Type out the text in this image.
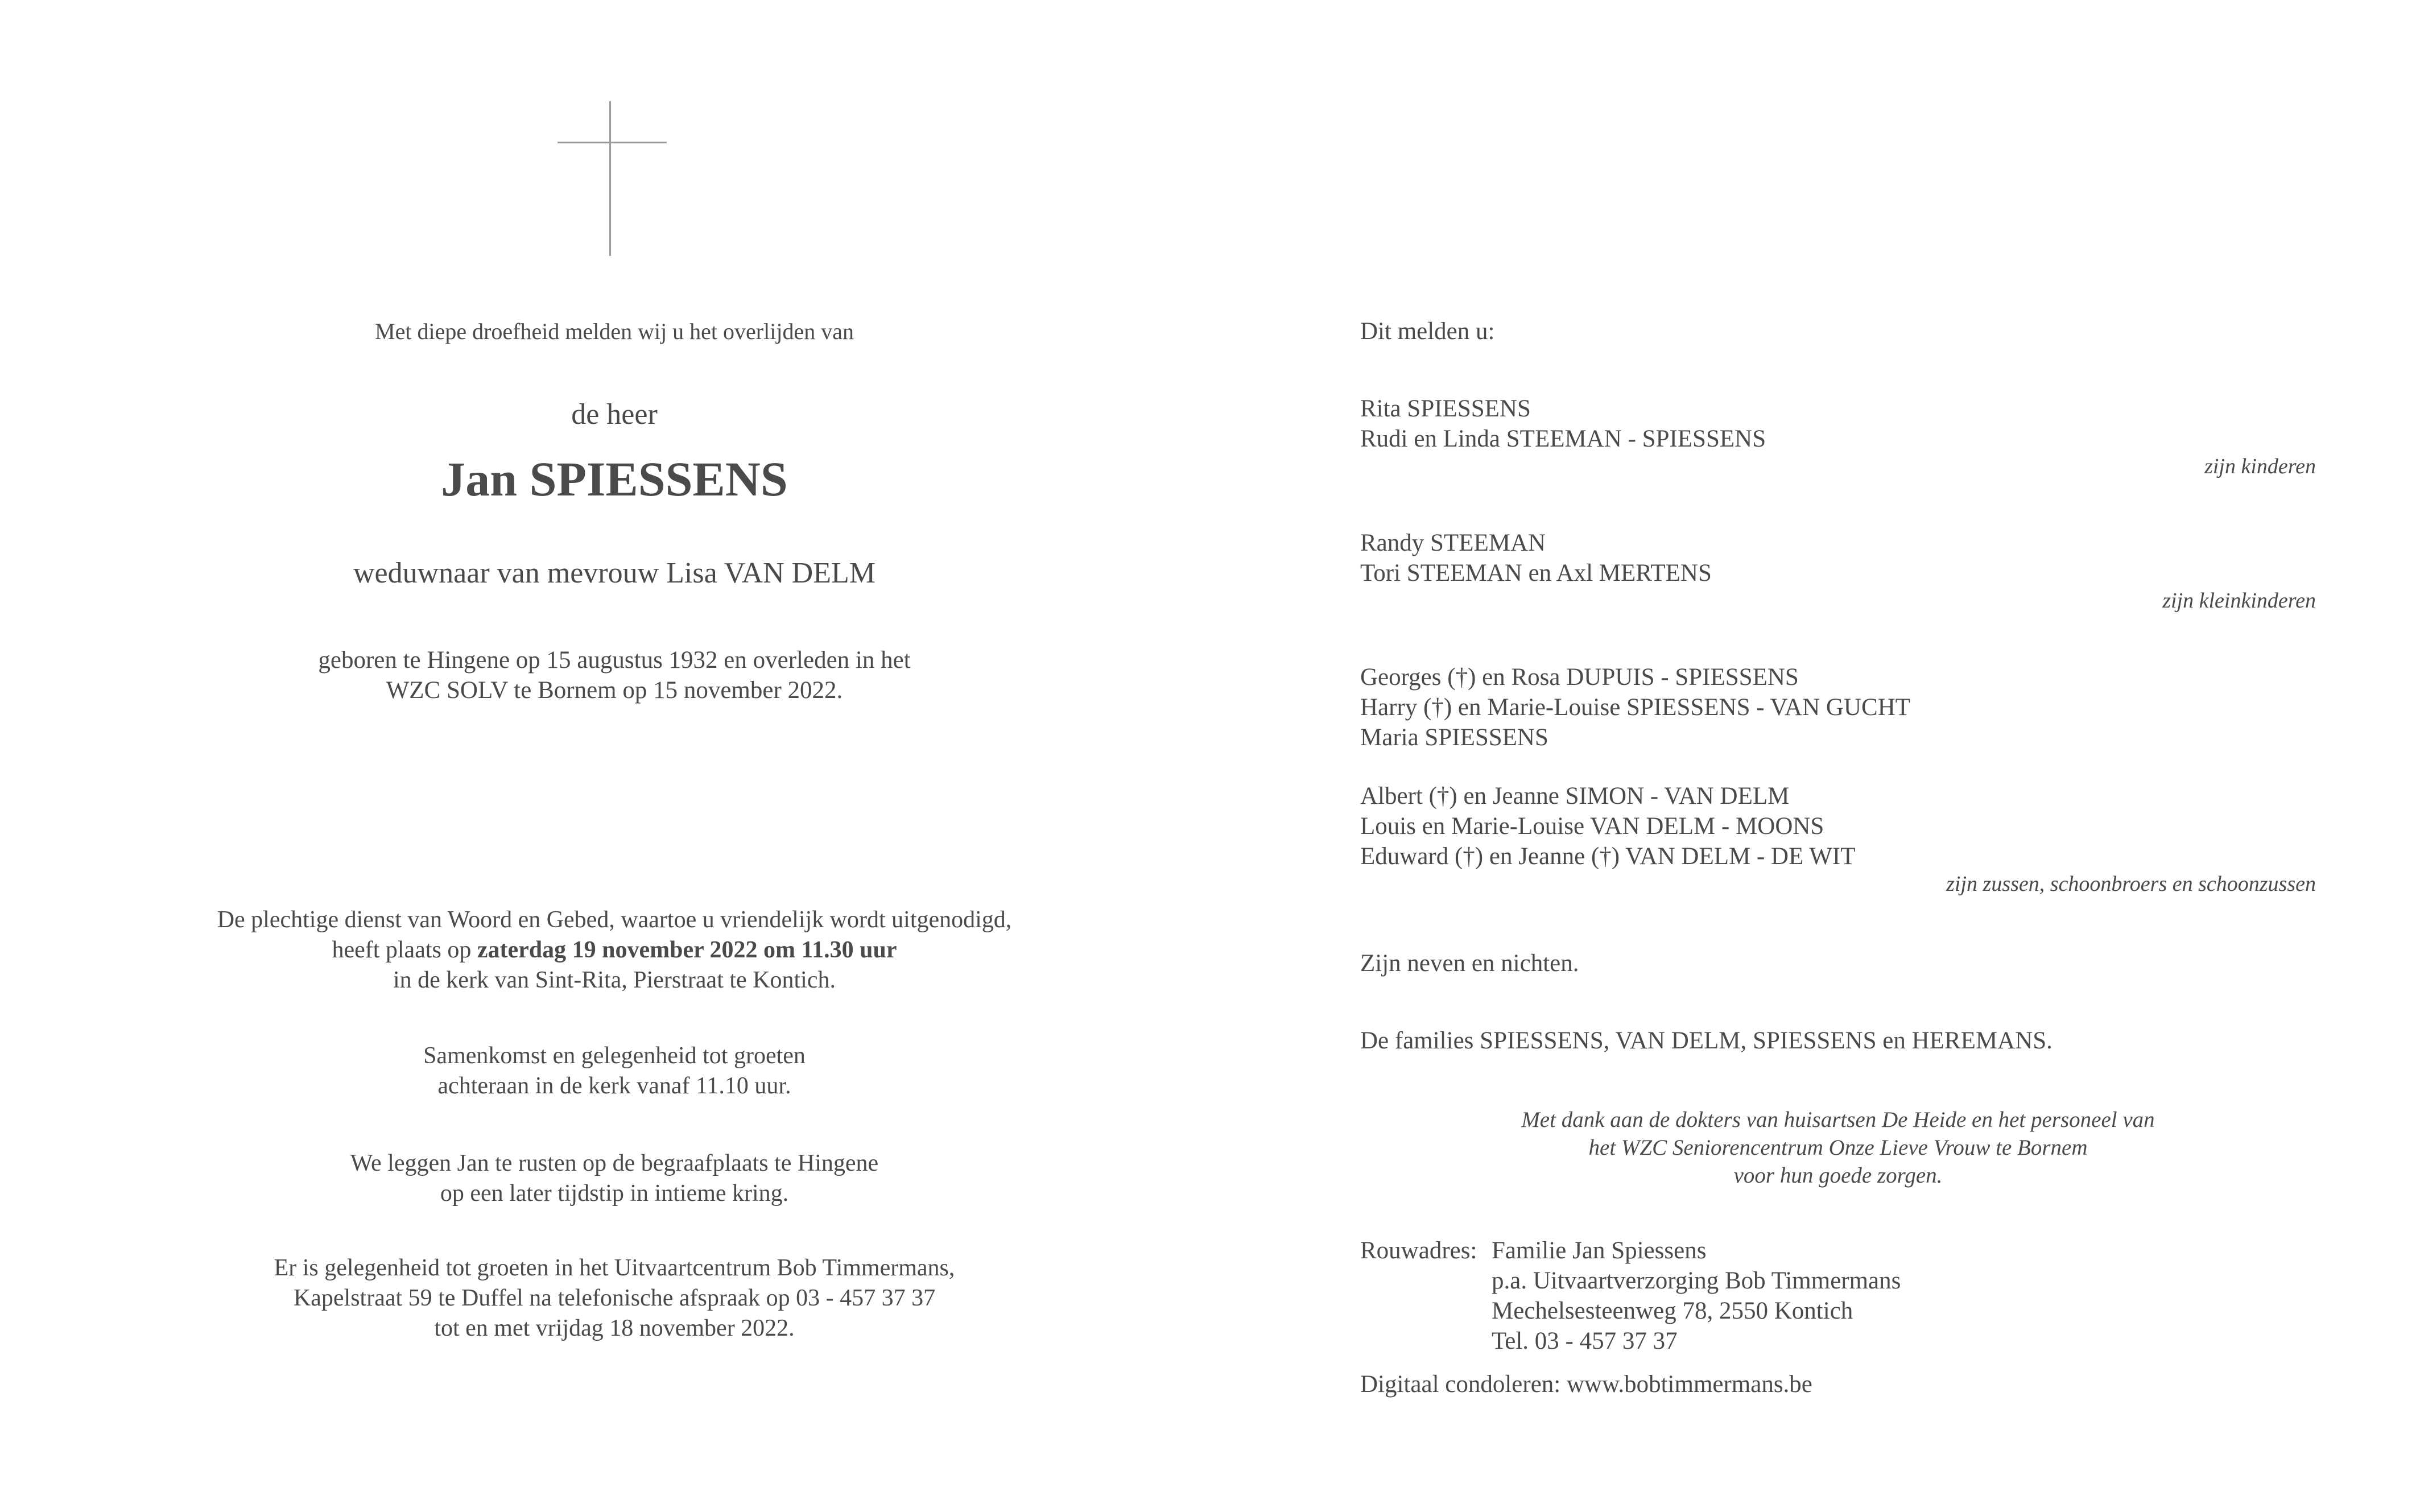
Met diepe droefheid melden wij u het overlijden van
de heer
Jan SPIESSENS
weduwnaar van mevrouw Lisa VAN DELM
geboren te Hingene op 15 augustus 1932 en overleden in het
WZC SOLV te Bornem op 15 november 2022.
De plechtige dienst van Woord en Gebed, waartoe u vriendelijk wordt uitgenodigd,
heeft plaats op zaterdag 19 november 2022 om 11.30 uur
in de kerk van Sint-Rita, Pierstraat te Kontich.
Samenkomst en gelegenheid tot groeten
achteraan in de kerk vanaf 11.10 uur.
We leggen Jan te rusten op de begraafplaats te Hingene
op een later tijdstip in intieme kring.
Er is gelegenheid tot groeten in het Uitvaartcentrum Bob Timmermans,
Kapelstraat 59 te Duffel na telefonische afspraak op 03 - 457 37 37
tot en met vrijdag 18 november 2022.
Dit melden u:
Rita SPIESSENS
Rudi en Linda STEEMAN - SPIESSENS
zijn kinderen
Randy STEEMAN
Tori STEEMAN en Axl MERTENS
zijn kleinkinderen
Georges (†) en Rosa DUPUIS - SPIESSENS
Harry (†) en Marie-Louise SPIESSENS - VAN GUCHT
Maria SPIESSENS
Albert (†) en Jeanne SIMON - VAN DELM
Louis en Marie-Louise VAN DELM - MOONS
Eduward (†) en Jeanne (†) VAN DELM - DE WIT
zijn zussen, schoonbroers en schoonzussen
Zijn neven en nichten.
De families SPIESSENS, VAN DELM, SPIESSENS en HEREMANS.
Met dank aan de dokters van huisartsen De Heide en het personeel van
het WZC Seniorencentrum Onze Lieve Vrouw te Bornem
voor hun goede zorgen.
Rouwadres: Familie Jan Spiessens
p.a. Uitvaartverzorging Bob Timmermans
Mechelsesteenweg 78, 2550 Kontich
Tel. 03 - 457 37 37
Digitaal condoleren: www.bobtimmermans.be
